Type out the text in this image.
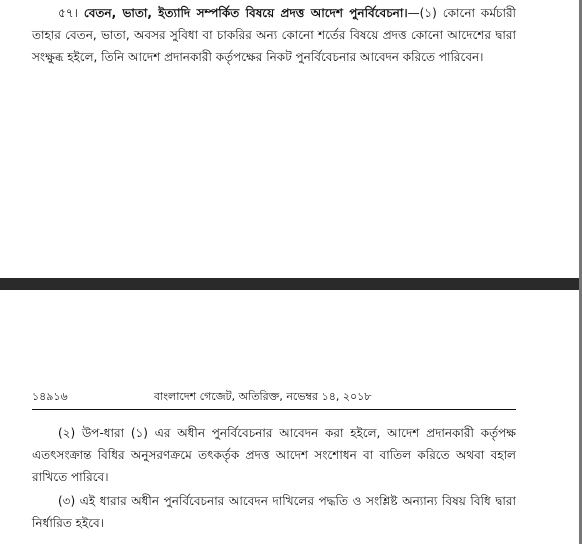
৫৭। বেতন, ভাতা, ইত্যাদি সম্পর্কিত বিষয়ে প্রদত্ত আদেশ পুনর্বিবেচনা।—(১) কোনো কর্মচারী তাহার বেতন, ভাতা, অবসর সুবিধা বা চাকরির অন্য কোনো শর্তের বিষয়ে প্রদত্ত কোনো আদেশের দ্বারা সংক্ষুব্ধ হইলে, তিনি আদেশ প্রদানকারী কর্তৃপক্ষের নিকট পুনর্বিবেচনার আবেদন করিতে পারিবেন।

১৪৯১৬	বাংলাদেশ গেজেট, অতিরিক্ত, নভেম্বর ১৪, ২০১৮

(২) উপ-ধারা (১) এর অধীন পুনর্বিবেচনার আবেদন করা হইলে, আদেশ প্রদানকারী কর্তৃপক্ষ এতৎসংক্রান্ত বিধির অনুসরণক্রমে তৎকর্তৃক প্রদত্ত আদেশ সংশোধন বা বাতিল করিতে অথবা বহাল রাখিতে পারিবে।

(৩) এই ধারার অধীন পুনর্বিবেচনার আবেদন দাখিলের পদ্ধতি ও সংশ্লিষ্ট অন্যান্য বিষয় বিধি দ্বারা নির্ধারিত হইবে।
